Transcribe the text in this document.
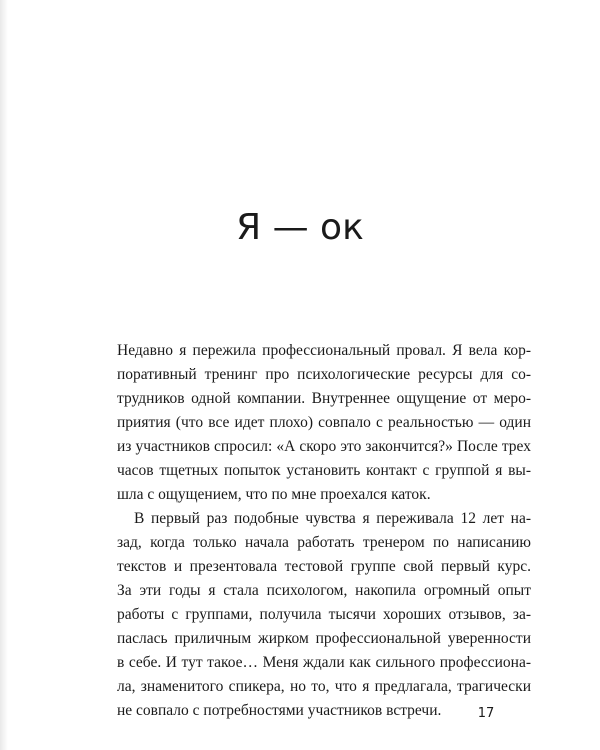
Я — ок

Недавно я пережила профессиональный провал. Я вела кор-
поративный тренинг про психологические ресурсы для со-
трудников одной компании. Внутреннее ощущение от меро-
приятия (что все идет плохо) совпало с реальностью — один
из участников спросил: «А скоро это закончится?» После трех
часов тщетных попыток установить контакт с группой я вы-
шла с ощущением, что по мне проехался каток.

В первый раз подобные чувства я переживала 12 лет на-
зад, когда только начала работать тренером по написанию
текстов и презентовала тестовой группе свой первый курс.
За эти годы я стала психологом, накопила огромный опыт
работы с группами, получила тысячи хороших отзывов, за-
паслась приличным жирком профессиональной уверенности
в себе. И тут такое… Меня ждали как сильного профессиона-
ла, знаменитого спикера, но то, что я предлагала, трагически
не совпало с потребностями участников встречи.	17
